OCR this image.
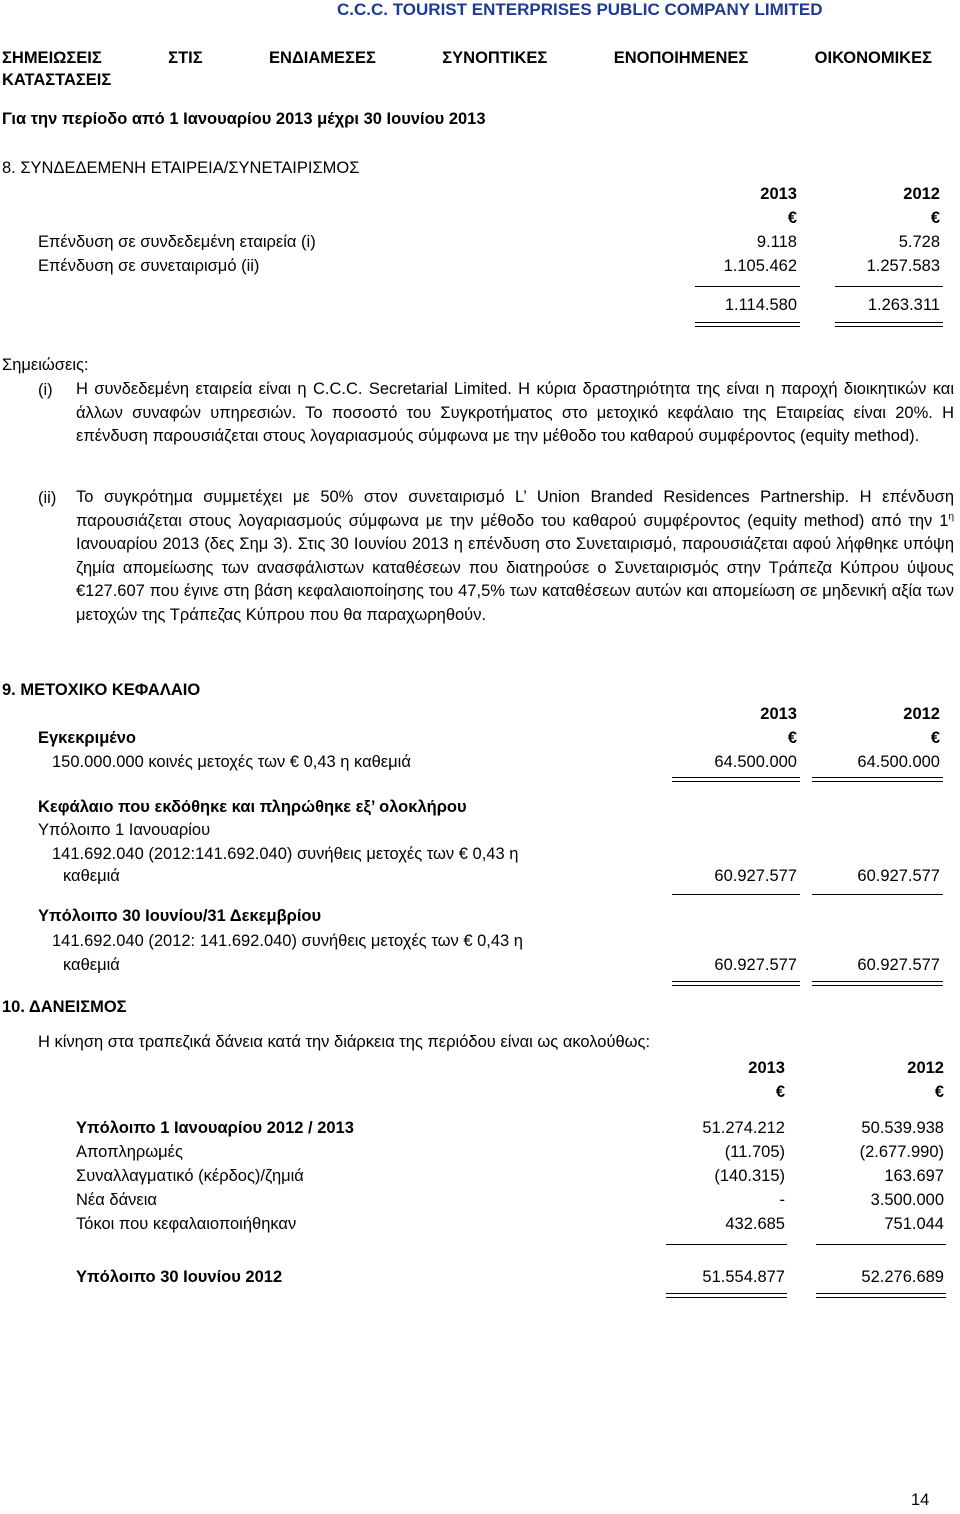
C.C.C. TOURIST ENTERPRISES PUBLIC COMPANY LIMITED
ΣΗΜΕΙΩΣΕΙΣ ΣΤΙΣ ΕΝΔΙΑΜΕΣΕΣ ΣΥΝΟΠΤΙΚΕΣ ΕΝΟΠΟΙΗΜΕΝΕΣ ΟΙΚΟΝΟΜΙΚΕΣ
ΚΑΤΑΣΤΑΣΕΙΣ
Για την περίοδο από 1 Ιανουαρίου 2013 μέχρι 30 Ιουνίου 2013
8. ΣΥΝΔΕΔΕΜΕΝΗ ΕΤΑΙΡΕΙΑ/ΣΥΝΕΤΑΙΡΙΣΜΟΣ
2013	2012
€	€
Επένδυση σε συνδεδεμένη εταιρεία (i)	9.118	5.728
Επένδυση σε συνεταιρισμό (ii)	1.105.462	1.257.583
1.114.580	1.263.311
Σημειώσεις:
(i) Η συνδεδεμένη εταιρεία είναι η C.C.C. Secretarial Limited. Η κύρια δραστηριότητα της είναι η παροχή διοικητικών και άλλων συναφών υπηρεσιών. Το ποσοστό του Συγκροτήματος στο μετοχικό κεφάλαιο της Εταιρείας είναι 20%. Η επένδυση παρουσιάζεται στους λογαριασμούς σύμφωνα με την μέθοδο του καθαρού συμφέροντος (equity method).

(ii) Το συγκρότημα συμμετέχει με 50% στον συνεταιρισμό L’ Union Branded Residences Partnership. Η επένδυση παρουσιάζεται στους λογαριασμούς σύμφωνα με την μέθοδο του καθαρού συμφέροντος (equity method) από την $1^\eta$ Ιανουαρίου 2013 (δες Σημ 3). Στις 30 Ιουνίου 2013 η επένδυση στο Συνεταιρισμό, παρουσιάζεται αφού λήφθηκε υπόψη ζημία απομείωσης των ανασφάλιστων καταθέσεων που διατηρούσε ο Συνεταιρισμός στην Τράπεζα Κύπρου ύψους €127.607 που έγινε στη βάση κεφαλαιοποίησης του 47,5% των καταθέσεων αυτών και απομείωση σε μηδενική αξία των μετοχών της Τράπεζας Κύπρου που θα παραχωρηθούν.

9. ΜΕΤΟΧΙΚΟ ΚΕΦΑΛΑΙΟ
2013	2012
Εγκεκριμένο	€	€
150.000.000 κοινές μετοχές των € 0,43 η καθεμιά	64.500.000	64.500.000
Κεφάλαιο που εκδόθηκε και πληρώθηκε εξ’ ολοκλήρου
Υπόλοιπο 1 Ιανουαρίου
141.692.040 (2012:141.692.040) συνήθεις μετοχές των € 0,43 η
καθεμιά	60.927.577	60.927.577
Υπόλοιπο 30 Ιουνίου/31 Δεκεμβρίου
141.692.040 (2012: 141.692.040) συνήθεις μετοχές των € 0,43 η
καθεμιά	60.927.577	60.927.577
10. ΔΑΝΕΙΣΜΟΣ
Η κίνηση στα τραπεζικά δάνεια κατά την διάρκεια της περιόδου είναι ως ακολούθως:
2013	2012
€	€
Υπόλοιπο 1 Ιανουαρίου 2012 / 2013	51.274.212	50.539.938
Αποπληρωμές	(11.705)	(2.677.990)
Συναλλαγματικό (κέρδος)/ζημιά	(140.315)	163.697
Νέα δάνεια	-	3.500.000
Τόκοι που κεφαλαιοποιήθηκαν	432.685	751.044
Υπόλοιπο 30 Ιουνίου 2012	51.554.877	52.276.689
14
